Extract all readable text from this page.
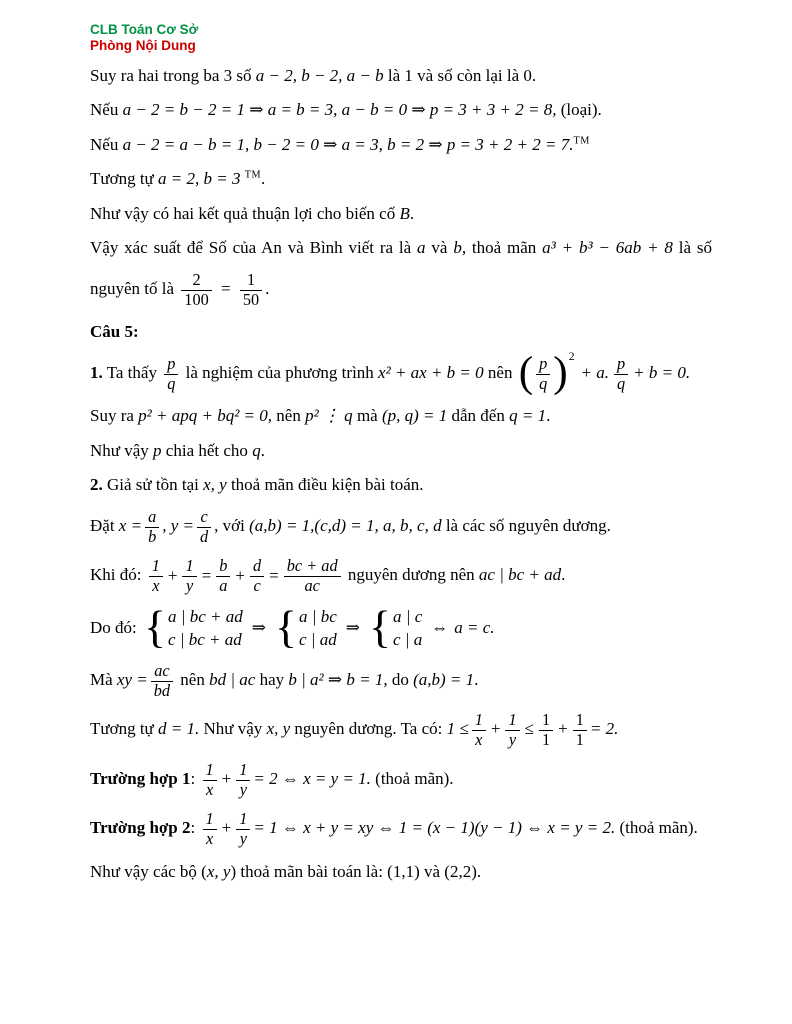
CLB Toán Cơ Sở
Phòng Nội Dung

Suy ra hai trong ba 3 số a − 2, b − 2, a − b là 1 và số còn lại là 0.

Nếu a − 2 = b − 2 = 1 ⇒ a = b = 3, a − b = 0 ⇒ p = 3 + 3 + 2 = 8, (loại).

Nếu a − 2 = a − b = 1, b − 2 = 0 ⇒ a = 3, b = 2 ⇒ p = 3 + 2 + 2 = 7.™

Tương tự a = 2, b = 3 ™.

Như vậy có hai kết quả thuận lợi cho biến cố B.

Vậy xác suất để Số của An và Bình viết ra là a và b, thoả mãn a³ + b³ − 6ab + 8 là số

nguyên tố là $\frac{2}{100} = \frac{1}{50}$ .

Câu 5:

1. Ta thấy $\frac{p}{q}$ là nghiệm của phương trình x² + ax + b = 0 nên ( $\frac{p}{q}$ ) 2
+ a. $\frac{p}{q} + b = 0$.

Suy ra p² + apq + bq² = 0, nên p² ⋮ q mà (p, q) = 1 dẫn đến q = 1.

Như vậy p chia hết cho q.

2. Giả sử tồn tại x, y thoả mãn điều kiện bài toán.

Đặt $x = \frac{a}{b}$ , $y = \frac{c}{d}$ , với (a,b) = 1,(c,d) = 1, a, b, c, d là các số nguyên dương.

Khi đó: $\frac{1}{x} + \frac{1}{y} = \frac{b}{a} + \frac{d}{c} = \frac{bc + ad}{ac}$ nguyên dương nên ac | bc + ad.

Do đó: { a | bc + ad
c | bc + ad
⇒ { a | bc
c | ad
⇒ { a | c
c | a
⇔ a = c.

Mà xy = $\frac{ac}{bd}$ nên bd | ac hay b | a² ⇒ b = 1, do (a,b) = 1.

Tương tự d = 1. Như vậy x, y nguyên dương. Ta có: $1 \le \frac{1}{x} + \frac{1}{y} \le \frac{1}{1} + \frac{1}{1} = 2$.

Trường hợp 1: $\frac{1}{x} + \frac{1}{y} = 2$ ⇔ x = y = 1. (thoả mãn).

Trường hợp 2: $\frac{1}{x} + \frac{1}{y} = 1$ ⇔ x + y = xy ⇔ 1 = (x − 1)(y − 1) ⇔ x = y = 2. (thoả mãn).

Như vậy các bộ (x, y) thoả mãn bài toán là: (1,1) và (2,2).
